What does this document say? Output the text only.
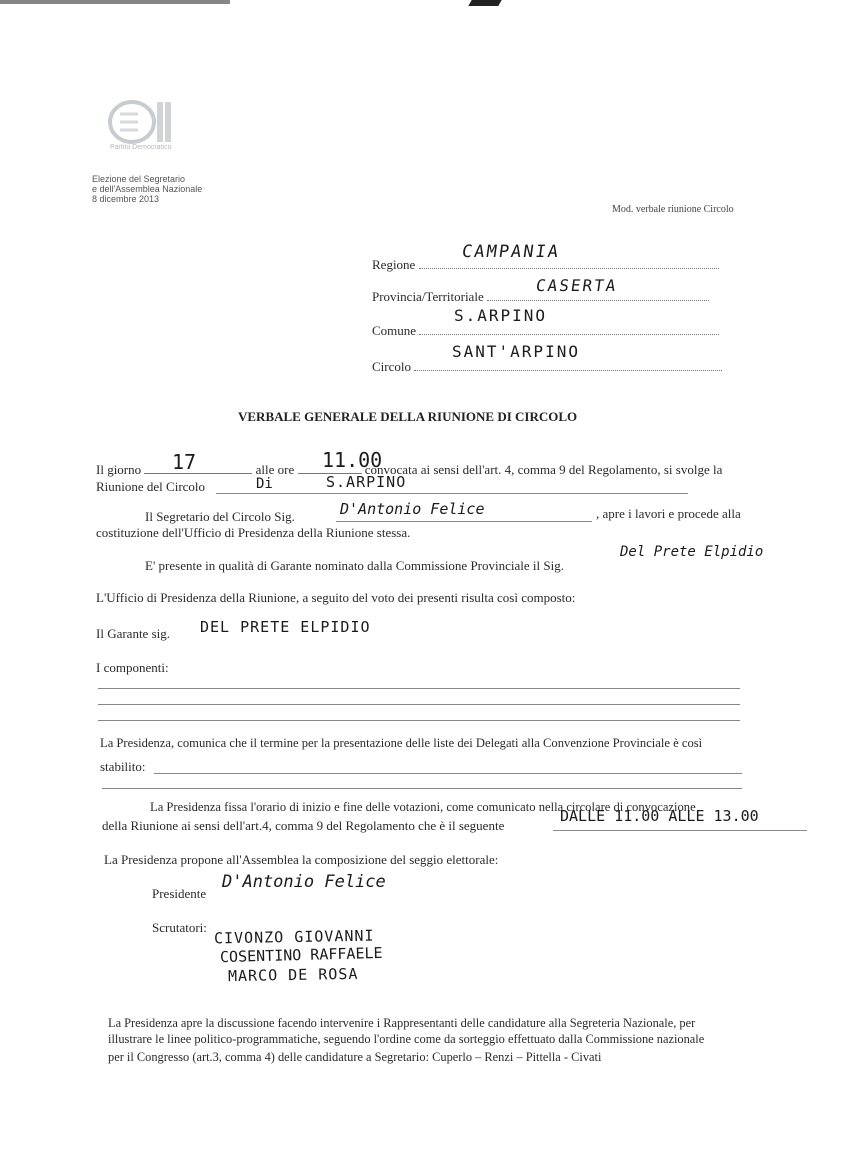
Partito Democratico
Elezione del Segretario
e dell'Assemblea Nazionale
8 dicembre 2013
Mod. verbale riunione Circolo
Regione
CAMPANIA
Provincia/Territoriale
CASERTA
Comune
S.ARPINO
Circolo
SANT'ARPINO
VERBALE GENERALE DELLA RIUNIONE DI CIRCOLO
Il giorno	alle ore	convocata ai sensi dell'art. 4, comma 9 del Regolamento, si svolge la
17	11.00
Riunione del Circolo	Di	S.ARPINO
Il Segretario del Circolo Sig.	D'Antonio Felice	, apre i lavori e procede alla
costituzione dell'Ufficio di Presidenza della Riunione stessa.
E' presente in qualità di Garante nominato dalla Commissione Provinciale il Sig.
Del Prete Elpidio
L'Ufficio di Presidenza della Riunione, a seguito del voto dei presenti risulta così composto:
Il Garante sig. DEL PRETE ELPIDIO
I componenti:
La Presidenza, comunica che il termine per la presentazione delle liste dei Delegati alla Convenzione Provinciale è così
stabilito:
La Presidenza fissa l'orario di inizio e fine delle votazioni, come comunicato nella circolare di convocazione
della Riunione ai sensi dell'art.4, comma 9 del Regolamento che è il seguente
DALLE 11.00 ALLE 13.00
La Presidenza propone all'Assemblea la composizione del seggio elettorale:
Presidente
D'Antonio Felice
Scrutatori: CIVONZO GIOVANNI
COSENTINO RAFFAELE
MARCO DE ROSA
La Presidenza apre la discussione facendo intervenire i Rappresentanti delle candidature alla Segreteria Nazionale, per
illustrare le linee politico-programmatiche, seguendo l'ordine come da sorteggio effettuato dalla Commissione nazionale
per il Congresso (art.3, comma 4) delle candidature a Segretario: Cuperlo – Renzi – Pittella - Civati
